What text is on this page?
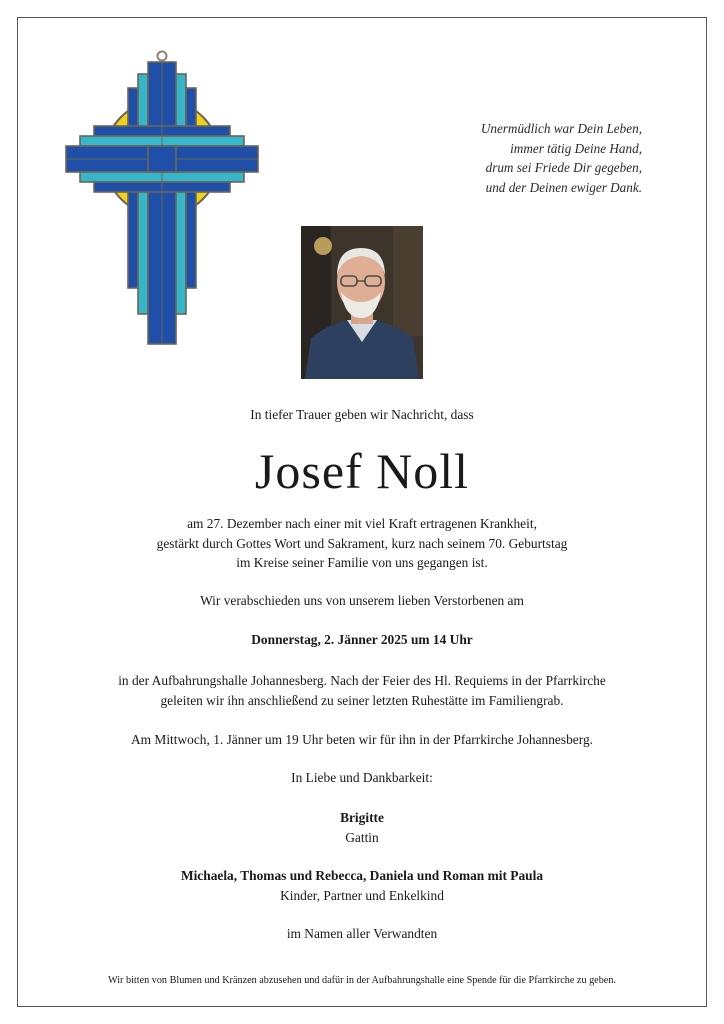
Unermüdlich war Dein Leben,
immer tätig Deine Hand,
drum sei Friede Dir gegeben,
und der Deinen ewiger Dank.
In tiefer Trauer geben wir Nachricht, dass
Josef Noll
am 27. Dezember nach einer mit viel Kraft ertragenen Krankheit,
gestärkt durch Gottes Wort und Sakrament, kurz nach seinem 70. Geburtstag
im Kreise seiner Familie von uns gegangen ist.
Wir verabschieden uns von unserem lieben Verstorbenen am
Donnerstag, 2. Jänner 2025 um 14 Uhr
in der Aufbahrungshalle Johannesberg. Nach der Feier des Hl. Requiems in der Pfarrkirche
geleiten wir ihn anschließend zu seiner letzten Ruhestätte im Familiengrab.
Am Mittwoch, 1. Jänner um 19 Uhr beten wir für ihn in der Pfarrkirche Johannesberg.
In Liebe und Dankbarkeit:
Brigitte
Gattin
Michaela, Thomas und Rebecca, Daniela und Roman mit Paula
Kinder, Partner und Enkelkind
im Namen aller Verwandten
Wir bitten von Blumen und Kränzen abzusehen und dafür in der Aufbahrungshalle eine Spende für die Pfarrkirche zu geben.
